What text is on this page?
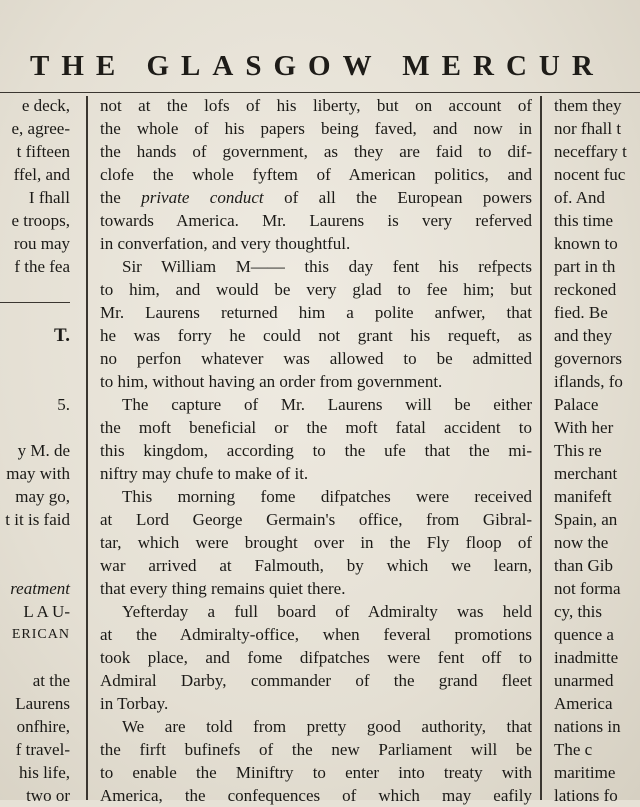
THE GLASGOW MERCUR
e deck,
e, agree-
t fifteen
ffel, and
I fhall
e troops,
rou may
f the fea

T.

5.

y M. de
may with
may go,
t it is faid

reatment
L A U-
ERICAN

at the
Laurens
onfhire,
f travel-
his life,
two or
not at the lofs of his liberty, but on account of
the whole of his papers being faved, and now in
the hands of government, as they are faid to dif-
clofe the whole fyftem of American politics, and
the private conduct of all the European powers
towards America. Mr. Laurens is very referved
in converfation, and very thoughtful.
Sir William M—— this day fent his refpects
to him, and would be very glad to fee him; but
Mr. Laurens returned him a polite anfwer, that
he was forry he could not grant his requeft, as
no perfon whatever was allowed to be admitted
to him, without having an order from government.
The capture of Mr. Laurens will be either
the moft beneficial or the moft fatal accident to
this kingdom, according to the ufe that the mi-
niftry may chufe to make of it.
This morning fome difpatches were received
at Lord George Germain's office, from Gibral-
tar, which were brought over in the Fly floop of
war arrived at Falmouth, by which we learn,
that every thing remains quiet there.
Yefterday a full board of Admiralty was held
at the Admiralty-office, when feveral promotions
took place, and fome difpatches were fent off to
Admiral Darby, commander of the grand fleet
in Torbay.
We are told from pretty good authority, that
the firft bufinefs of the new Parliament will be
to enable the Miniftry to enter into treaty with
America, the confequences of which may eafily
them they
nor fhall t
neceffary t
nocent fuc
of. And
this time
known to
part in th
reckoned
fied. Be
and they
governors
iflands, fo
Palace
With her
This re
merchant
manifeft
Spain, an
now the
than Gib
not forma
cy, this
quence a
inadmitte
unarmed
America
nations in
The c
maritime
lations fo
